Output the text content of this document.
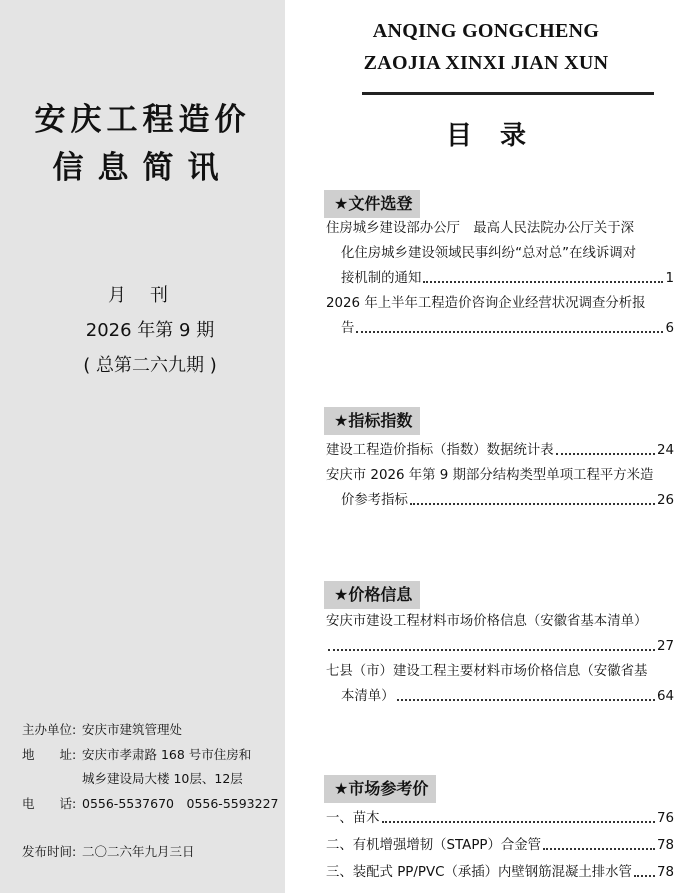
安庆工程造价
信息简讯
月刊
2026 年第 9 期
( 总第二六九期 )
主办单位: 安庆市建筑管理处
地　　址: 安庆市孝肃路 168 号市住房和
城乡建设局大楼 10层、12层
电　　话: 0556-5537670　0556-5593227
发布时间: 二〇二六年九月三日
ANQING GONGCHENG
ZAOJIA XINXI JIAN XUN
目录
★文件选登
住房城乡建设部办公厅　最高人民法院办公厅关于深
化住房城乡建设领域民事纠纷“总对总”在线诉调对
接机制的通知	1
2026 年上半年工程造价咨询企业经营状况调查分析报
告	6
★指标指数
建设工程造价指标（指数）数据统计表	24
安庆市 2026 年第 9 期部分结构类型单项工程平方米造
价参考指标	26
★价格信息
安庆市建设工程材料市场价格信息（安徽省基本清单）
27
七县（市）建设工程主要材料市场价格信息（安徽省基
本清单）	64
★市场参考价
一、苗木	76
二、有机增强增韧（STAPP）合金管	78
三、装配式 PP/PVC（承插）内壁钢筋混凝土排水管 78
